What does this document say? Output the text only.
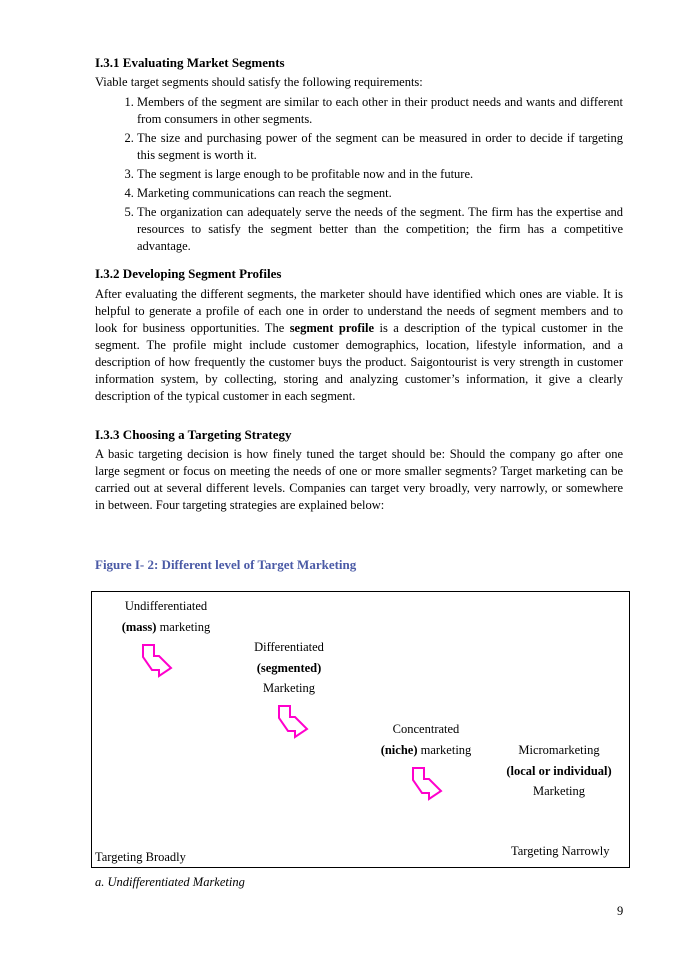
I.3.1 Evaluating Market Segments
Viable target segments should satisfy the following requirements:
1. Members of the segment are similar to each other in their product needs and wants and different from consumers in other segments.
2. The size and purchasing power of the segment can be measured in order to decide if targeting this segment is worth it.
3. The segment is large enough to be profitable now and in the future.
4. Marketing communications can reach the segment.
5. The organization can adequately serve the needs of the segment. The firm has the expertise and resources to satisfy the segment better than the competition; the firm has a competitive advantage.
I.3.2 Developing Segment Profiles
After evaluating the different segments, the marketer should have identified which ones are viable. It is helpful to generate a profile of each one in order to understand the needs of segment members and to look for business opportunities. The segment profile is a description of the typical customer in the segment. The profile might include customer demographics, location, lifestyle information, and a description of how frequently the customer buys the product. Saigontourist is very strength in customer information system, by collecting, storing and analyzing customer’s information, it give a clearly description of the typical customer in each segment.
I.3.3 Choosing a Targeting Strategy
A basic targeting decision is how finely tuned the target should be: Should the company go after one large segment or focus on meeting the needs of one or more smaller segments? Target marketing can be carried out at several different levels. Companies can target very broadly, very narrowly, or somewhere in between. Four targeting strategies are explained below:
Figure I- 2: Different level of Target Marketing
Undifferentiated
(mass) marketing
Differentiated
(segmented)
Marketing
Concentrated
(niche) marketing	Micromarketing
(local or individual)
Marketing
Targeting Broadly	Targeting Narrowly
a. Undifferentiated Marketing
9
